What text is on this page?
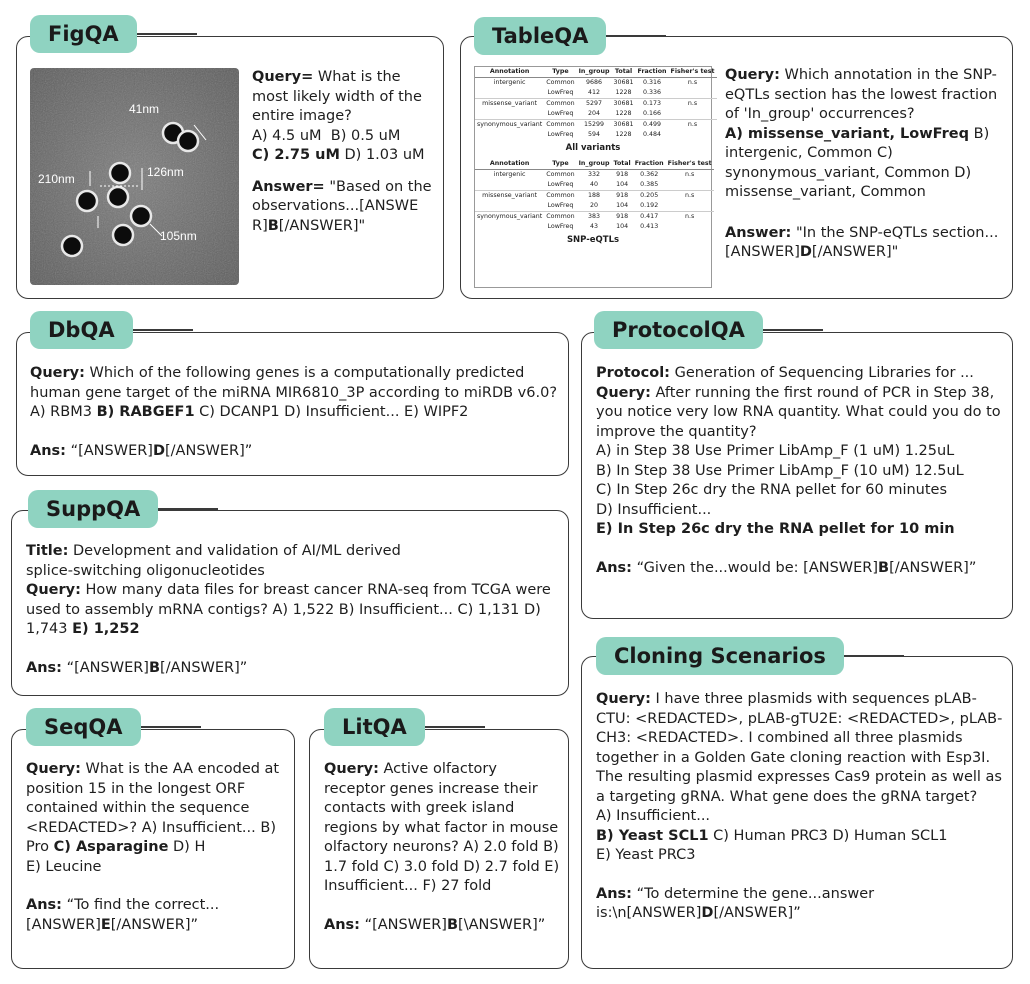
FigQA
41nm
210nm	126nm
105nm

Query= What is the most likely width of the entire image?

A) 4.5 uM B) 0.5 uM
C) 2.75 uM D) 1.03 uM

Answer= "Based on the observations...[ANSWE R]B[/ANSWER]"

TableQA
Annotation	Type	In_group	Total	Fraction	Fisher's test
intergenic	Common	9686	30681	0.316	n.s
	LowFreq	412	1228	0.336	
missense_variant	Common	5297	30681	0.173	n.s
	LowFreq	204	1228	0.166	
synonymous_variant	Common	15299	30681	0.499	n.s
	LowFreq	594	1228	0.484	
All variants
Annotation	Type	In_group	Total	Fraction	Fisher's test
intergenic	Common	332	918	0.362	n.s
	LowFreq	40	104	0.385	
missense_variant	Common	188	918	0.205	n.s
	LowFreq	20	104	0.192	
synonymous_variant	Common	383	918	0.417	n.s
	LowFreq	43	104	0.413	
SNP-eQTLs

Query: Which annotation in the SNP-eQTLs section has the lowest fraction of 'In_group' occurrences?

A) missense_variant, LowFreq B) intergenic, Common C) synonymous_variant, Common D) missense_variant, Common

Answer: "In the SNP-eQTLs section... [ANSWER]D[/ANSWER]"

DbQA

Query: Which of the following genes is a computationally predicted human gene target of the miRNA MIR6810_3P according to miRDB v6.0? A) RBM3 B) RABGEF1 C) DCANP1 D) Insufficient... E) WIPF2

Ans: “[ANSWER]D[/ANSWER]”

ProtocolQA

Protocol: Generation of Sequencing Libraries for ...

Query: After running the first round of PCR in Step 38, you notice very low RNA quantity. What could you do to improve the quantity?

A) in Step 38 Use Primer LibAmp_F (1 uM) 1.25uL

B) In Step 38 Use Primer LibAmp_F (10 uM) 12.5uL

C) In Step 26c dry the RNA pellet for 60 minutes

D) Insufficient...

E) In Step 26c dry the RNA pellet for 10 min

Ans: “Given the...would be: [ANSWER]B[/ANSWER]”

SuppQA

Title: Development and validation of AI/ML derived splice-switching oligonucleotides

Query: How many data files for breast cancer RNA-seq from TCGA were used to assembly mRNA contigs? A) 1,522 B) Insufficient... C) 1,131 D) 1,743 E) 1,252

Ans: “[ANSWER]B[/ANSWER]”	Cloning Scenarios

Query: I have three plasmids with sequences pLAB-CTU: <REDACTED>, pLAB-gTU2E: <REDACTED>, pLAB-CH3: <REDACTED>. I combined all three plasmids together in a Golden Gate cloning reaction with Esp3I. The resulting plasmid expresses Cas9 protein as well as a targeting gRNA. What gene does the gRNA target?

A) Insufficient...

B) Yeast SCL1 C) Human PRC3 D) Human SCL1

E) Yeast PRC3

Ans: “To determine the gene...answer is:\n[ANSWER]D[/ANSWER]”

SeqQA

Query: What is the AA encoded at position 15 in the longest ORF contained within the sequence <REDACTED>? A) Insufficient... B) Pro C) Asparagine D) H

E) Leucine

Ans: “To find the correct...[ANSWER]E[/ANSWER]”

LitQA

Query: Active olfactory receptor genes increase their contacts with greek island regions by what factor in mouse olfactory neurons? A) 2.0 fold B) 1.7 fold C) 3.0 fold D) 2.7 fold E) Insufficient... F) 27 fold

Ans: “[ANSWER]B[\ANSWER]”
